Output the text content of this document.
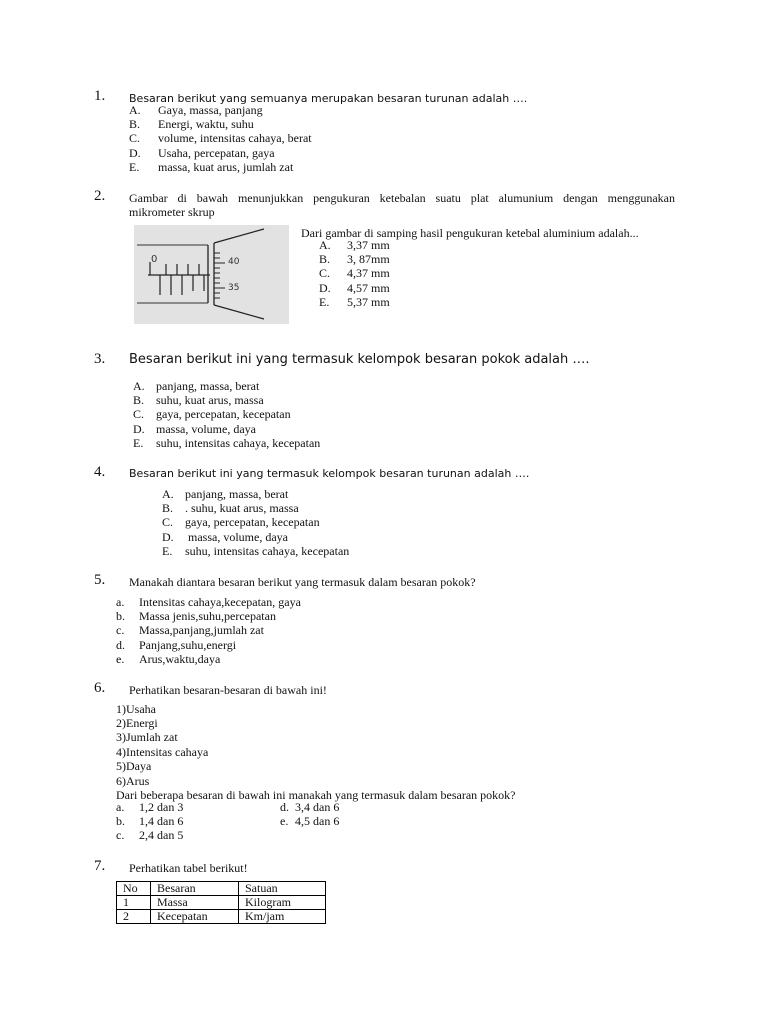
1. Besaran berikut yang semuanya merupakan besaran turunan adalah ….
A.	Gaya, massa, panjang
B.	Energi, waktu, suhu
C.	volume, intensitas cahaya, berat
D.	Usaha, percepatan, gaya
E.	massa, kuat arus, jumlah zat
2. Gambar di bawah menunjukkan pengukuran ketebalan suatu plat alumunium dengan menggunakan
mikrometer skrup
0	40
35
Dari gambar di samping hasil pengukuran ketebal aluminium adalah...
A.	3,37 mm
B.	3, 87mm
C.	4,37 mm
D.	4,57 mm
E.	5,37 mm
3. Besaran berikut ini yang termasuk kelompok besaran pokok adalah ….
A. panjang, massa, berat
B. suhu, kuat arus, massa
C. gaya, percepatan, kecepatan
D. massa, volume, daya
E.	suhu, intensitas cahaya, kecepatan
4. Besaran berikut ini yang termasuk kelompok besaran turunan adalah ….
A. panjang, massa, berat
B. . suhu, kuat arus, massa
C. gaya, percepatan, kecepatan
D. massa, volume, daya
E.	suhu, intensitas cahaya, kecepatan
5. Manakah diantara besaran berikut yang termasuk dalam besaran pokok?
a.	Intensitas cahaya,kecepatan, gaya
b.	Massa jenis,suhu,percepatan
c.	Massa,panjang,jumlah zat
d.	Panjang,suhu,energi
e.	Arus,waktu,daya
6. Perhatikan besaran-besaran di bawah ini!
1)Usaha
2)Energi
3)Jumlah zat
4)Intensitas cahaya
5)Daya
6)Arus
Dari beberapa besaran di bawah ini manakah yang termasuk dalam besaran pokok?
a.	1,2 dan 3
b.	1,4 dan 6
c.	2,4 dan 5
d. 3,4 dan 6
e. 4,5 dan 6
7. Perhatikan tabel berikut!
No	Besaran	Satuan
1	Massa	Kilogram
2	Kecepatan	Km/jam
